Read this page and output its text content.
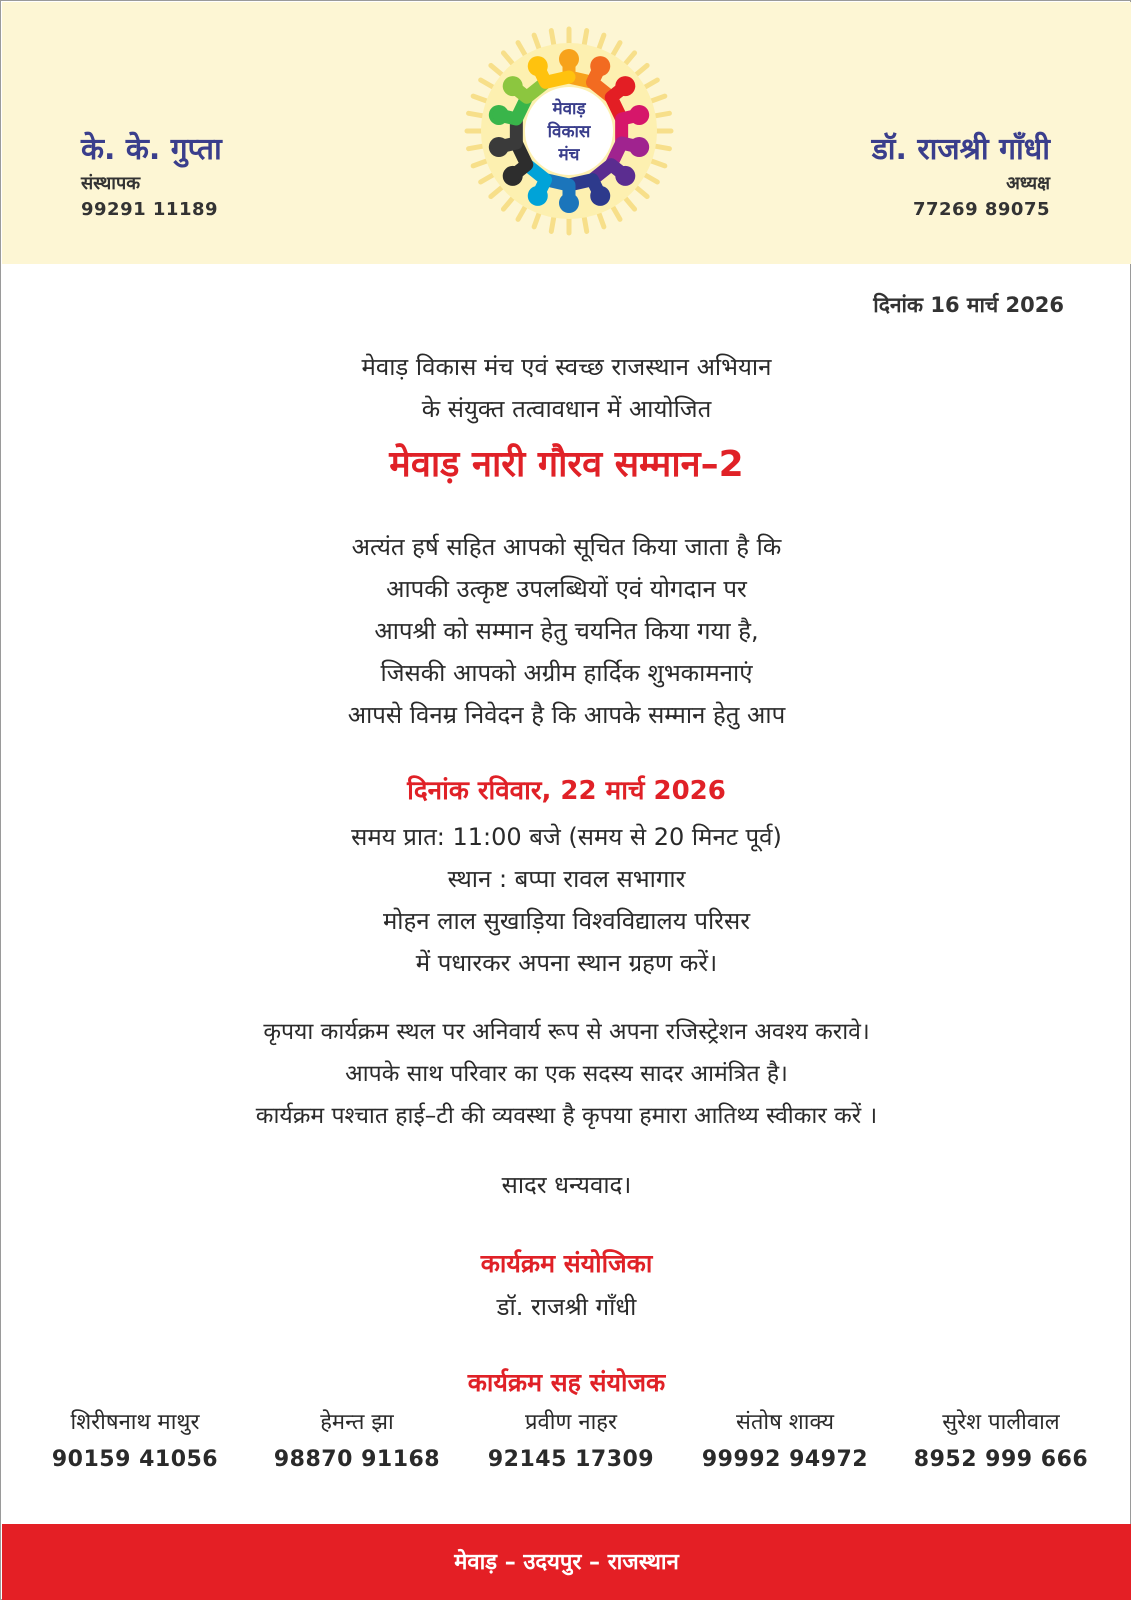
के. के. गुप्ता
संस्थापक
99291 11189
डॉ. राजश्री गाँधी
अध्यक्ष
77269 89075
मेवाड़
विकास
मंच
दिनांक 16 मार्च 2026
मेवाड़ विकास मंच एवं स्वच्छ राजस्थान अभियान
के संयुक्त तत्वावधान में आयोजित
मेवाड़ नारी गौरव सम्मान–2
अत्यंत हर्ष सहित आपको सूचित किया जाता है कि
आपकी उत्कृष्ट उपलब्धियों एवं योगदान पर
आपश्री को सम्मान हेतु चयनित किया गया है,
जिसकी आपको अग्रीम हार्दिक शुभकामनाएं
आपसे विनम्र निवेदन है कि आपके सम्मान हेतु आप
दिनांक रविवार, 22 मार्च 2026
समय प्रात: 11:00 बजे (समय से 20 मिनट पूर्व)
स्थान : बप्पा रावल सभागार
मोहन लाल सुखाड़िया विश्वविद्यालय परिसर
में पधारकर अपना स्थान ग्रहण करें।
कृपया कार्यक्रम स्थल पर अनिवार्य रूप से अपना रजिस्ट्रेशन अवश्य करावे।
आपके साथ परिवार का एक सदस्य सादर आमंत्रित है।
कार्यक्रम पश्चात हाई–टी की व्यवस्था है कृपया हमारा आतिथ्य स्वीकार करें ।
सादर धन्यवाद।
कार्यक्रम संयोजिका
डॉ. राजश्री गाँधी
कार्यक्रम सह संयोजक
शिरीषनाथ माथुर
90159 41056
हेमन्त झा
98870 91168
प्रवीण नाहर
92145 17309
संतोष शाक्य
99992 94972
सुरेश पालीवाल
8952 999 666
मेवाड़ – उदयपुर – राजस्थान
